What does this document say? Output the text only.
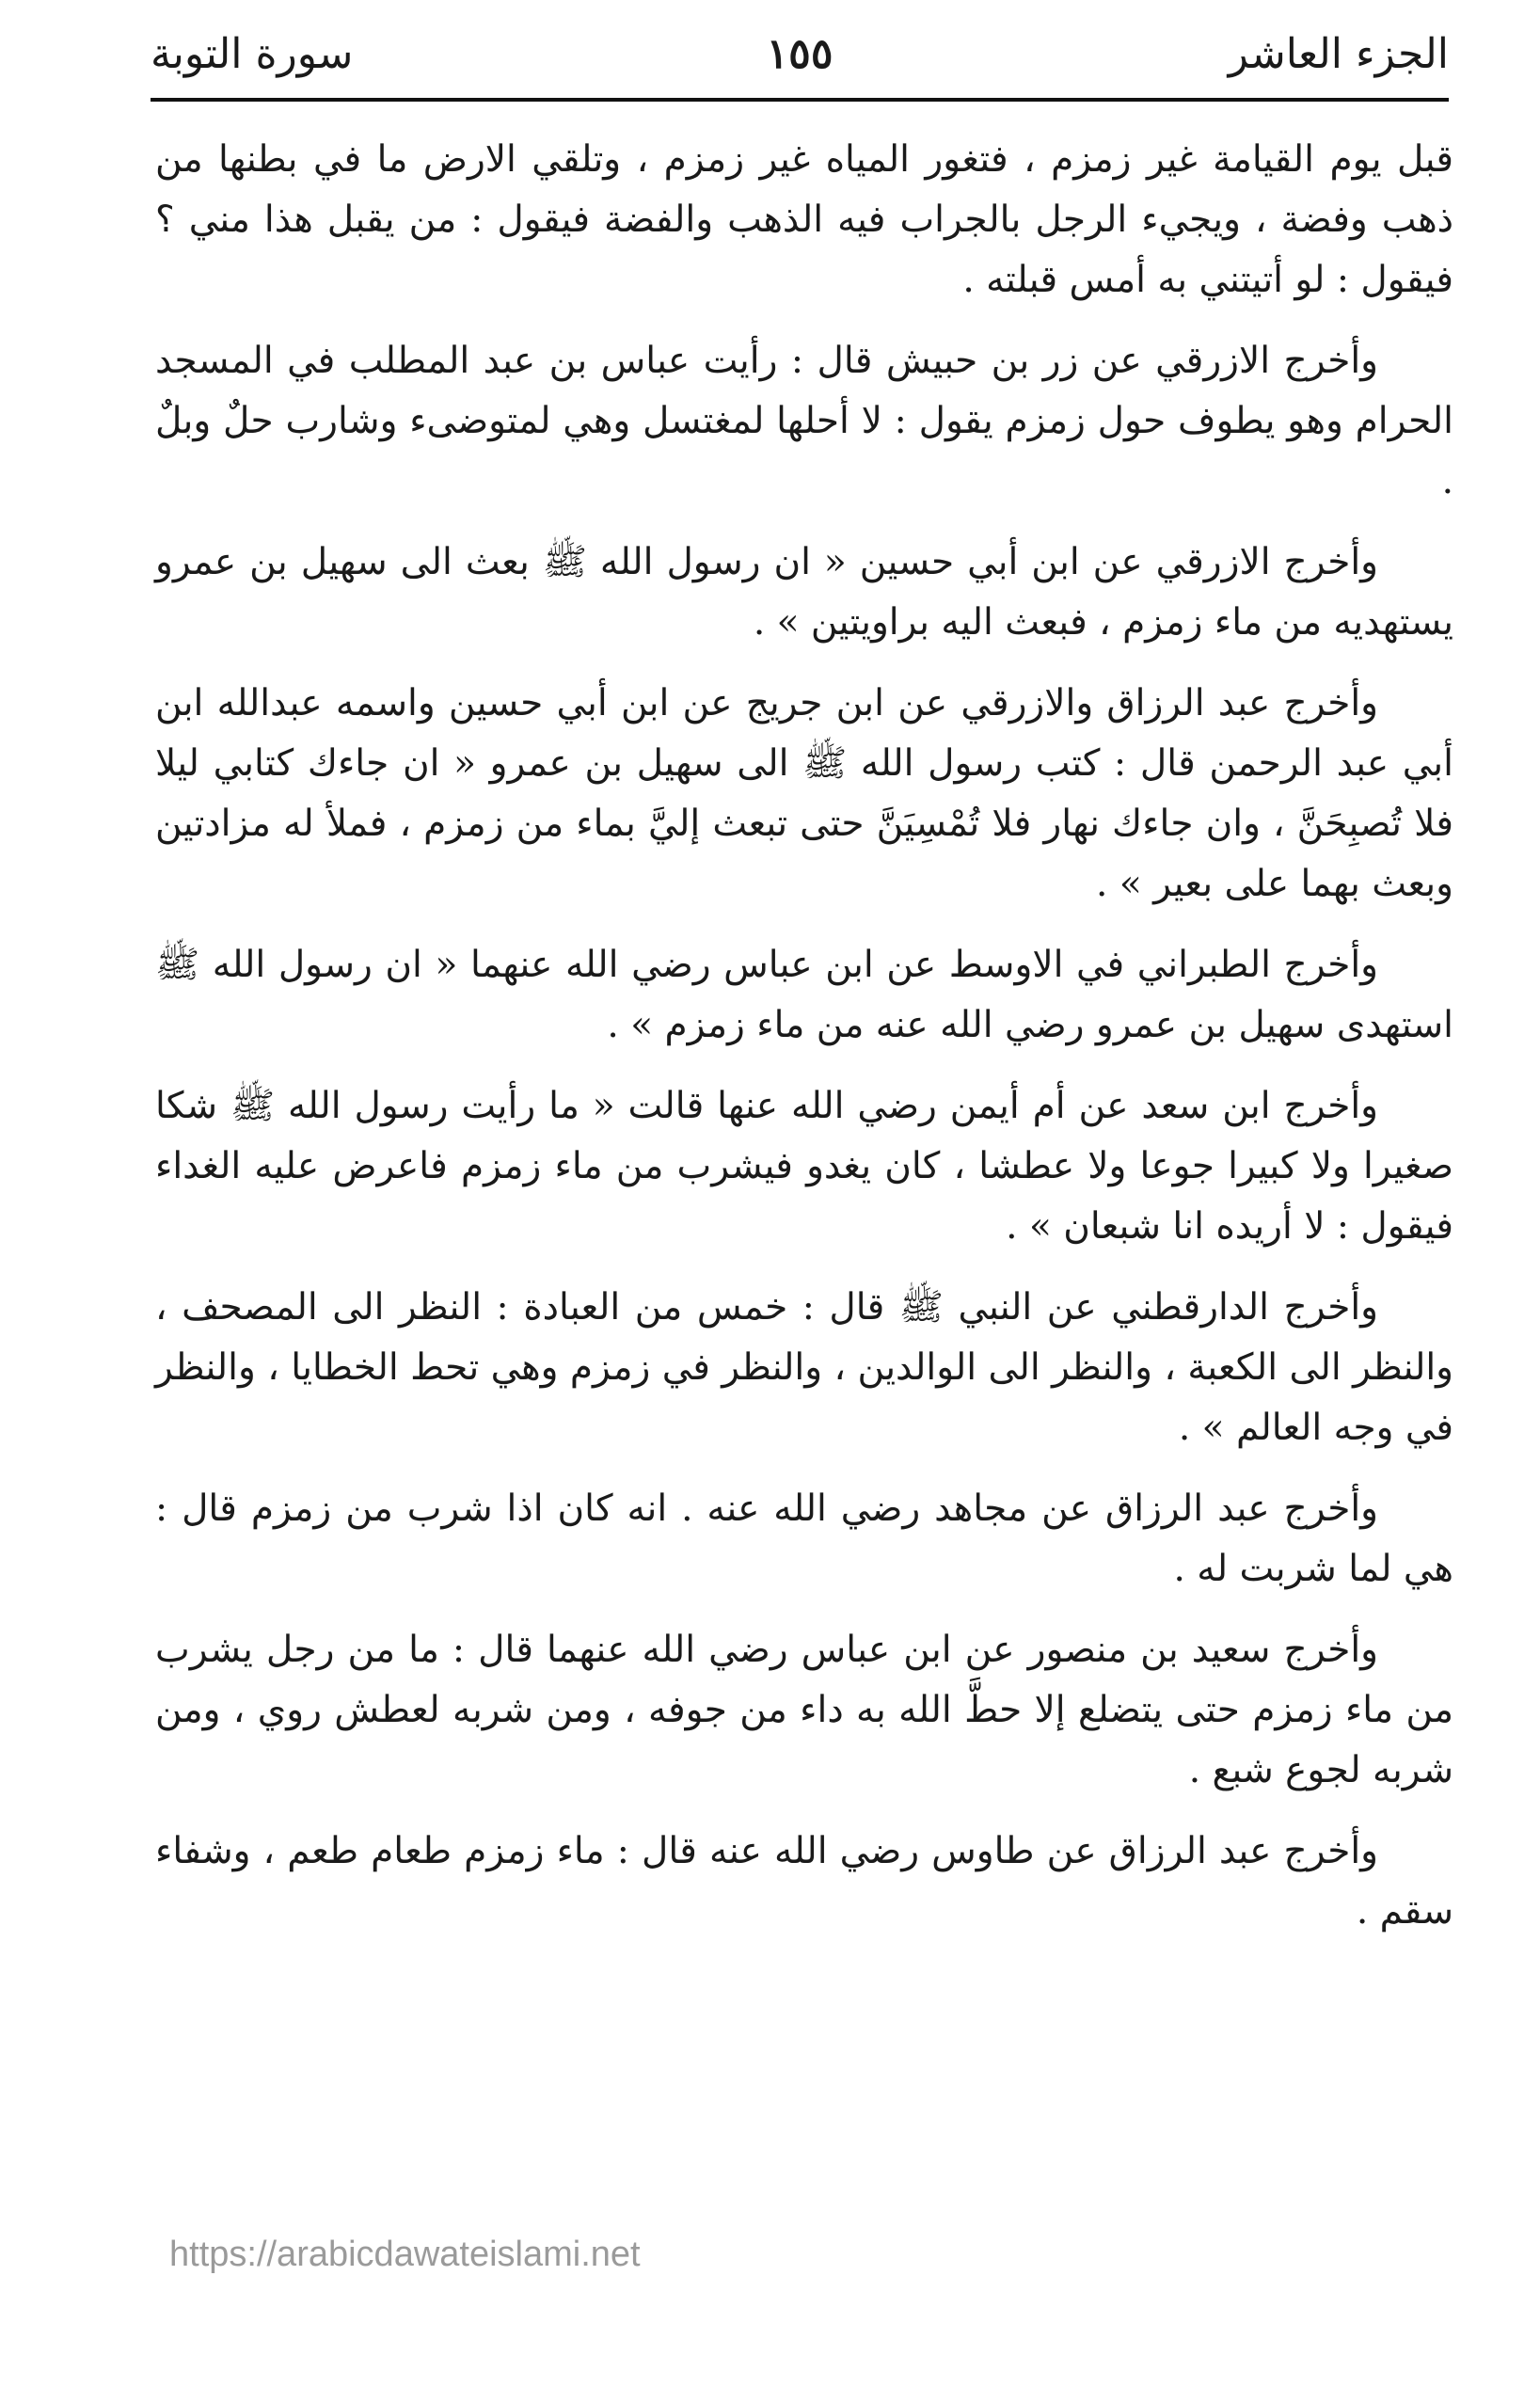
الجزء العاشر
١٥٥
سورة التوبة

قبل يوم القيامة غير زمزم ، فتغور المياه غير زمزم ، وتلقي الارض ما في بطنها من ذهب وفضة ، ويجيء الرجل بالجراب فيه الذهب والفضة فيقول : من يقبل هذا مني ؟ فيقول : لو أتيتني به أمس قبلته .

وأخرج الازرقي عن زر بن حبيش قال : رأيت عباس بن عبد المطلب في المسجد الحرام وهو يطوف حول زمزم يقول : لا أحلها لمغتسل وهي لمتوضىء وشارب حلٌ وبلٌ .

وأخرج الازرقي عن ابن أبي حسين « ان رسول الله ﷺ بعث الى سهيل بن عمرو يستهديه من ماء زمزم ، فبعث اليه براويتين » .

وأخرج عبد الرزاق والازرقي عن ابن جريج عن ابن أبي حسين واسمه عبدالله ابن أبي عبد الرحمن قال : كتب رسول الله ﷺ الى سهيل بن عمرو « ان جاءك كتابي ليلا فلا تُصبِحَنَّ ، وان جاءك نهار فلا تُمْسِيَنَّ حتى تبعث إليَّ بماء من زمزم ، فملأ له مزادتين وبعث بهما على بعير » .

وأخرج الطبراني في الاوسط عن ابن عباس رضي الله عنهما « ان رسول الله ﷺ استهدى سهيل بن عمرو رضي الله عنه من ماء زمزم » .

وأخرج ابن سعد عن أم أيمن رضي الله عنها قالت « ما رأيت رسول الله ﷺ شكا صغيرا ولا كبيرا جوعا ولا عطشا ، كان يغدو فيشرب من ماء زمزم فاعرض عليه الغداء فيقول : لا أريده انا شبعان » .

وأخرج الدارقطني عن النبي ﷺ قال : خمس من العبادة : النظر الى المصحف ، والنظر الى الكعبة ، والنظر الى الوالدين ، والنظر في زمزم وهي تحط الخطايا ، والنظر في وجه العالم » .

وأخرج عبد الرزاق عن مجاهد رضي الله عنه . انه كان اذا شرب من زمزم قال : هي لما شربت له .

وأخرج سعيد بن منصور عن ابن عباس رضي الله عنهما قال : ما من رجل يشرب من ماء زمزم حتى يتضلع إلا حطَّ الله به داء من جوفه ، ومن شربه لعطش روي ، ومن شربه لجوع شبع .

وأخرج عبد الرزاق عن طاوس رضي الله عنه قال : ماء زمزم طعام طعم ، وشفاء سقم .

https://arabicdawateislami.net
